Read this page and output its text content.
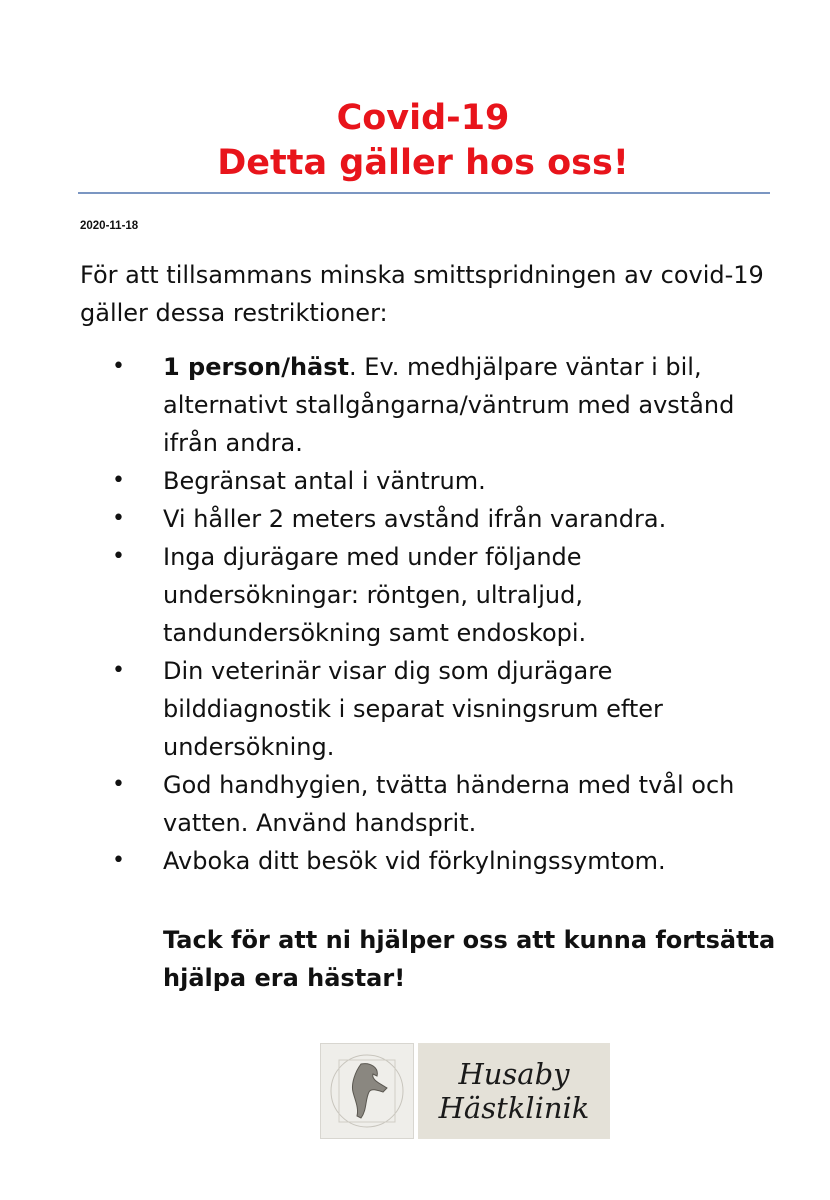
Covid-19
Detta gäller hos oss!
2020-11-18
För att tillsammans minska smittspridningen av covid-19 gäller dessa restriktioner:
• 1 person/häst. Ev. medhjälpare väntar i bil, alternativt stallgångarna/väntrum med avstånd ifrån andra.
• Begränsat antal i väntrum.
• Vi håller 2 meters avstånd ifrån varandra.
• Inga djurägare med under följande undersökningar: röntgen, ultraljud, tandundersökning samt endoskopi.
• Din veterinär visar dig som djurägare bilddiagnostik i separat visningsrum efter undersökning.
• God handhygien, tvätta händerna med tvål och vatten. Använd handsprit.
• Avboka ditt besök vid förkylningssymtom.
Tack för att ni hjälper oss att kunna fortsätta hjälpa era hästar!
Husaby
Hästklinik
